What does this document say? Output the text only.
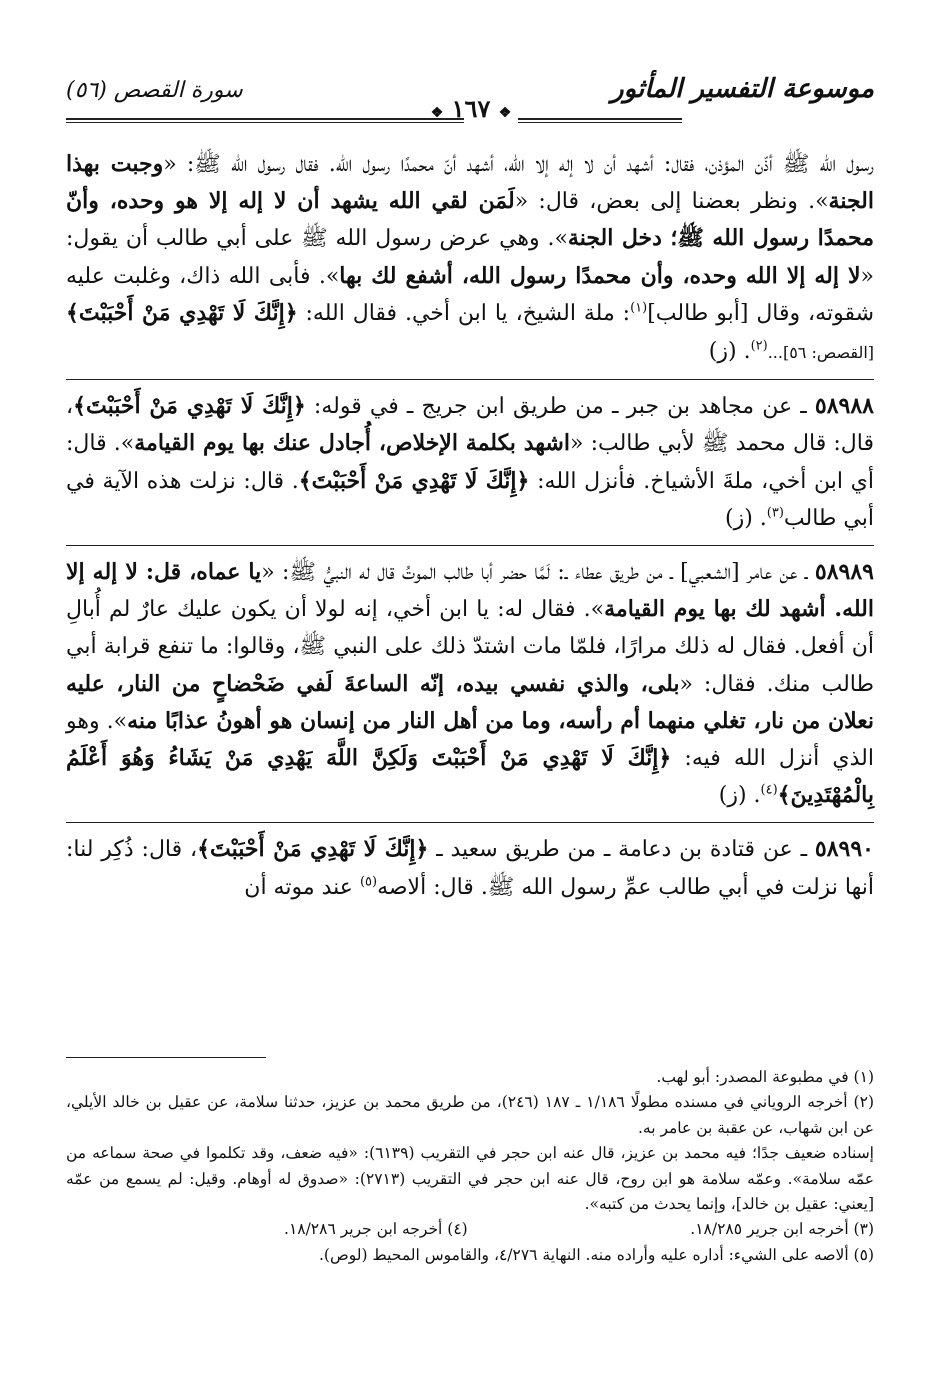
موسوعة التفسير المأثور
سورة القصص (٥٦)
❖ ١٦٧ ❖

رسول الله ﷺ أذّن المؤذن، فقال: أشهد أن لا إله إلا الله، أشهد أنّ محمدًا رسول الله. فقال رسول الله ﷺ: «وجبت بهذا الجنة». ونظر بعضنا إلى بعض، قال: «لَمَن لقي الله يشهد أن لا إله إلا هو وحده، وأنّ محمدًا رسول الله ﷺ؛ دخل الجنة». وهي عرض رسول الله ﷺ على أبي طالب أن يقول: «لا إله إلا الله وحده، وأن محمدًا رسول الله، أشفع لك بها». فأبى الله ذاك، وغلبت عليه شقوته، وقال [أبو طالب]$^{(١)}$: ملة الشيخ، يا ابن أخي. فقال الله: ﴿إِنَّكَ لَا تَهْدِي مَنْ أَحْبَبْتَ﴾ [القصص: ٥٦]...$^{(٢)}$. (ز)

٥٨٩٨٨ ـ عن مجاهد بن جبر ـ من طريق ابن جريج ـ في قوله: ﴿إِنَّكَ لَا تَهْدِي مَنْ أَحْبَبْتَ﴾، قال: قال محمد ﷺ لأبي طالب: «اشهد بكلمة الإخلاص، أُجادل عنك بها يوم القيامة». قال: أي ابن أخي، ملةَ الأشياخ. فأنزل الله: ﴿إِنَّكَ لَا تَهْدِي مَنْ أَحْبَبْتَ﴾. قال: نزلت هذه الآية في أبي طالب$^{(٣)}$. (ز)

٥٨٩٨٩ ـ عن عامر [الشعبي] ـ من طريق عطاء ـ: لَمَّا حضر أبا طالب الموتُ قال له النبيُّ ﷺ: «يا عماه، قل: لا إله إلا الله. أشهد لك بها يوم القيامة». فقال له: يا ابن أخي، إنه لولا أن يكون عليك عارٌ لم أُبالِ أن أفعل. فقال له ذلك مرارًا، فلمّا مات اشتدّ ذلك على النبي ﷺ، وقالوا: ما تنفع قرابة أبي طالب منك. فقال: «بلى، والذي نفسي بيده، إنّه الساعةَ لَفي ضَحْضاحٍ من النار، عليه نعلان من نار، تغلي منهما أم رأسه، وما من أهل النار من إنسان هو أهونُ عذابًا منه». وهو الذي أنزل الله فيه: ﴿إِنَّكَ لَا تَهْدِي مَنْ أَحْبَبْتَ وَلَكِنَّ اللَّهَ يَهْدِي مَنْ يَشَاءُ وَهُوَ أَعْلَمُ بِالْمُهْتَدِينَ﴾$^{(٤)}$. (ز)

٥٨٩٩٠ ـ عن قتادة بن دعامة ـ من طريق سعيد ـ ﴿إِنَّكَ لَا تَهْدِي مَنْ أَحْبَبْتَ﴾، قال: ذُكِر لنا: أنها نزلت في أبي طالب عمِّ رسول الله ﷺ. قال: ألاصه$^{(٥)}$ عند موته أن

(١) في مطبوعة المصدر: أبو لهب.

(٢) أخرجه الروياني في مسنده مطولًا ١/١٨٦ ـ ١٨٧ (٢٤٦)، من طريق محمد بن عزيز، حدثنا سلامة، عن عقيل بن خالد الأيلي، عن ابن شهاب، عن عقبة بن عامر به.

إسناده ضعيف جدًا؛ فيه محمد بن عزيز، قال عنه ابن حجر في التقريب (٦١٣٩): «فيه ضعف، وقد تكلموا في صحة سماعه من عمّه سلامة». وعمّه سلامة هو ابن روح، قال عنه ابن حجر في التقريب (٢٧١٣): «صدوق له أوهام. وقيل: لم يسمع من عمّه [يعني: عقيل بن خالد]، وإنما يحدث من كتبه».

(٣) أخرجه ابن جرير ١٨/٢٨٥.
(٤) أخرجه ابن جرير ١٨/٢٨٦.

(٥) ألاصه على الشيء: أداره عليه وأراده منه. النهاية ٤/٢٧٦، والقاموس المحيط (لوص).
